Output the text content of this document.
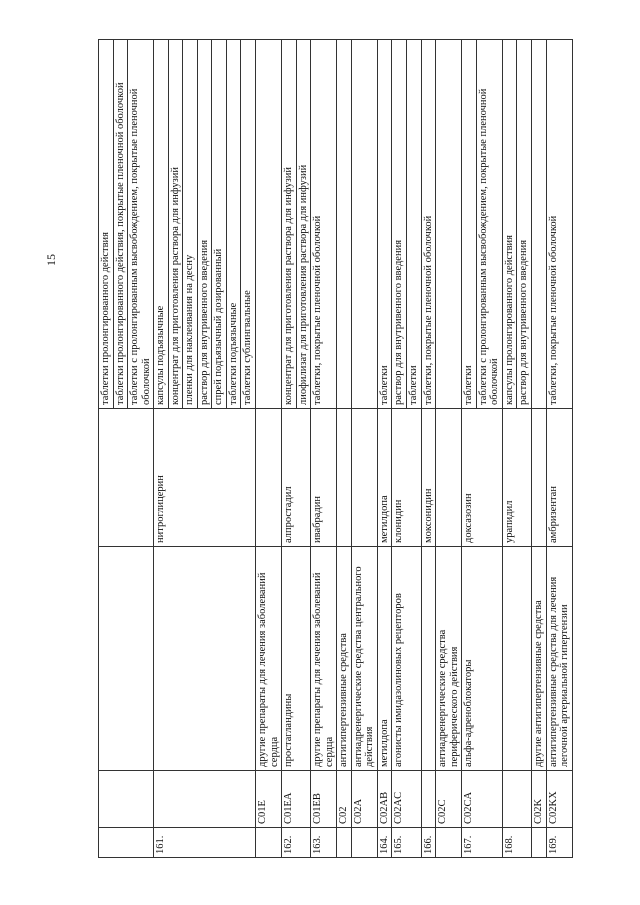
15
					таблетки пролонгированного действия
				таблетки пролонгированного действия, покрытые пленочной оболочкой
				таблетки с пролонгированным высвобождением, покрытые пленочной оболочкой
161.			нитроглицерин	капсулы подъязычные
				концентрат для приготовления раствора для инфузий
				пленки для наклеивания на десну
				раствор для внутривенного введения
				спрей подъязычный дозированный
				таблетки подъязычные
				таблетки сублингвальные
	C01E	другие препараты для лечения заболеваний сердца		
162.	C01EA	простагландины	алпростадил	концентрат для приготовления раствора для инфузий
				лиофилизат для приготовления раствора для инфузий
163.	C01EB	другие препараты для лечения заболеваний сердца	ивабрадин	таблетки, покрытые пленочной оболочкой
	C02	антигипертензивные средства		
	C02A	антиадренергические средства центрального действия		
164.	C02AB	метилдопа	метилдопа	таблетки
165.	C02AC	агонисты имидазолиновых рецепторов	клонидин	раствор для внутривенного введения
				таблетки
166.			моксонидин	таблетки, покрытые пленочной оболочкой
	C02C	антиадренергические средства периферического действия		
167.	C02CA	альфа-адреноблокаторы	доксазозин	таблетки
				таблетки с пролонгированным высвобождением, покрытые пленочной оболочкой
168.			урапидил	капсулы пролонгированного действия
				раствор для внутривенного введения
	C02K	другие антигипертензивные средства		
169.	C02KX	антигипертензивные средства для лечения легочной артериальной гипертензии	амбризентан	таблетки, покрытые пленочной оболочкой
